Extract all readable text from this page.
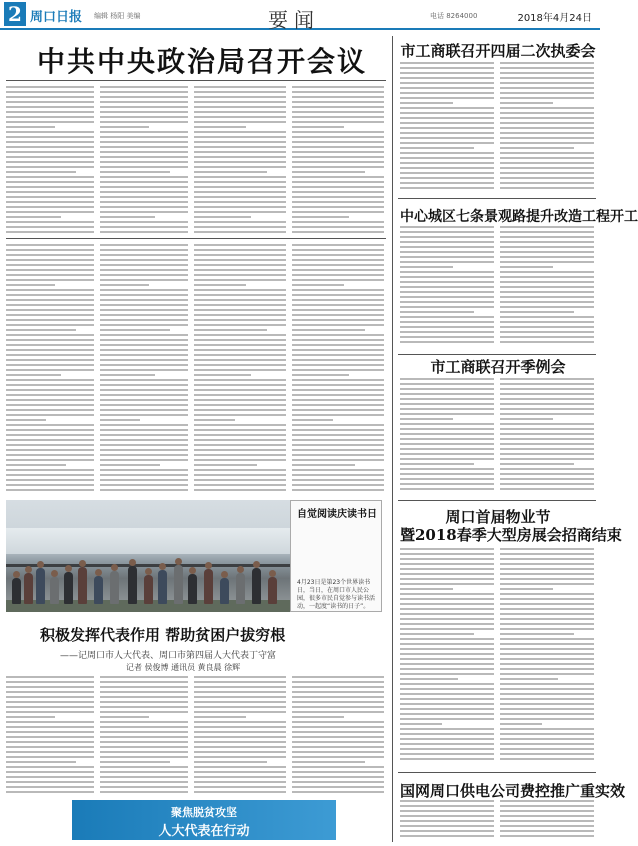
2 周口日报 编辑 杨阳 美编	要闻	电话 8264000	2018年4月24日
中共中央政治局召开会议
自觉阅读庆读书日
4月23日是第23个世界读书日，当日，在周口市人民公园，很多市民自觉参与读书活动，一起度“读书的日子”。
积极发挥代表作用 帮助贫困户拔穷根
——记周口市人大代表、周口市第四届人大代表丁守富
记者 侯俊博 通讯员 黄良晨 徐辉
聚焦脱贫攻坚
人大代表在行动
市工商联召开四届二次执委会
中心城区七条景观路提升改造工程开工
市工商联召开季例会
周口首届物业节
暨2018春季大型房展会招商结束
国网周口供电公司费控推广重实效
